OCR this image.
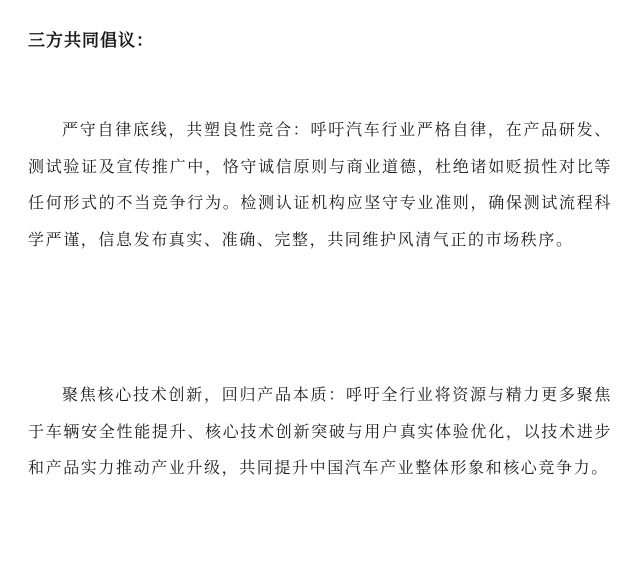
三方共同倡议：

严守自律底线，共塑良性竞合：呼吁汽车行业严格自律，在产品研发、测试验证及宣传推广中，恪守诚信原则与商业道德，杜绝诸如贬损性对比等任何形式的不当竞争行为。检测认证机构应坚守专业准则，确保测试流程科学严谨，信息发布真实、准确、完整，共同维护风清气正的市场秩序。

聚焦核心技术创新，回归产品本质：呼吁全行业将资源与精力更多聚焦于车辆安全性能提升、核心技术创新突破与用户真实体验优化，以技术进步和产品实力推动产业升级，共同提升中国汽车产业整体形象和核心竞争力。
